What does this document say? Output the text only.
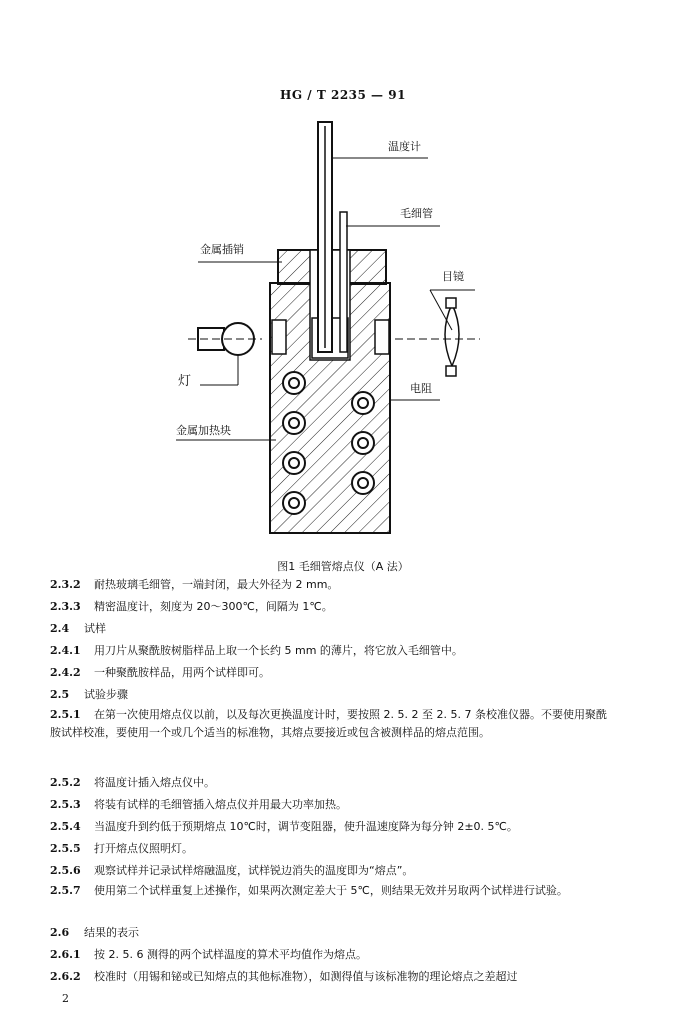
HG / T 2235 — 91
温度计
毛细管
金属插销
目镜
灯	电阻
金属加热块
图1 毛细管熔点仪（A 法）
2.3.2 耐热玻璃毛细管，一端封闭，最大外径为 2 mm。
2.3.3 精密温度计，刻度为 20～300℃，间隔为 1℃。
2.4 试样
2.4.1 用刀片从聚酰胺树脂样品上取一个长约 5 mm 的薄片，将它放入毛细管中。
2.4.2 一种聚酰胺样品，用两个试样即可。
2.5 试验步骤
2.5.1 在第一次使用熔点仪以前，以及每次更换温度计时，要按照 2. 5. 2 至 2. 5. 7 条校准仪器。不要使用聚酰胺试样校准，要使用一个或几个适当的标准物，其熔点要接近或包含被测样品的熔点范围。
2.5.2 将温度计插入熔点仪中。
2.5.3 将装有试样的毛细管插入熔点仪并用最大功率加热。
2.5.4 当温度升到约低于预期熔点 10℃时，调节变阻器，使升温速度降为每分钟 2±0. 5℃。
2.5.5 打开熔点仪照明灯。
2.5.6 观察试样并记录试样熔融温度，试样锐边消失的温度即为“熔点”。
2.5.7 使用第二个试样重复上述操作，如果两次测定差大于 5℃，则结果无效并另取两个试样进行试验。
2.6 结果的表示
2.6.1 按 2. 5. 6 测得的两个试样温度的算术平均值作为熔点。
2.6.2 校准时（用锡和铋或已知熔点的其他标准物），如测得值与该标准物的理论熔点之差超过
2
